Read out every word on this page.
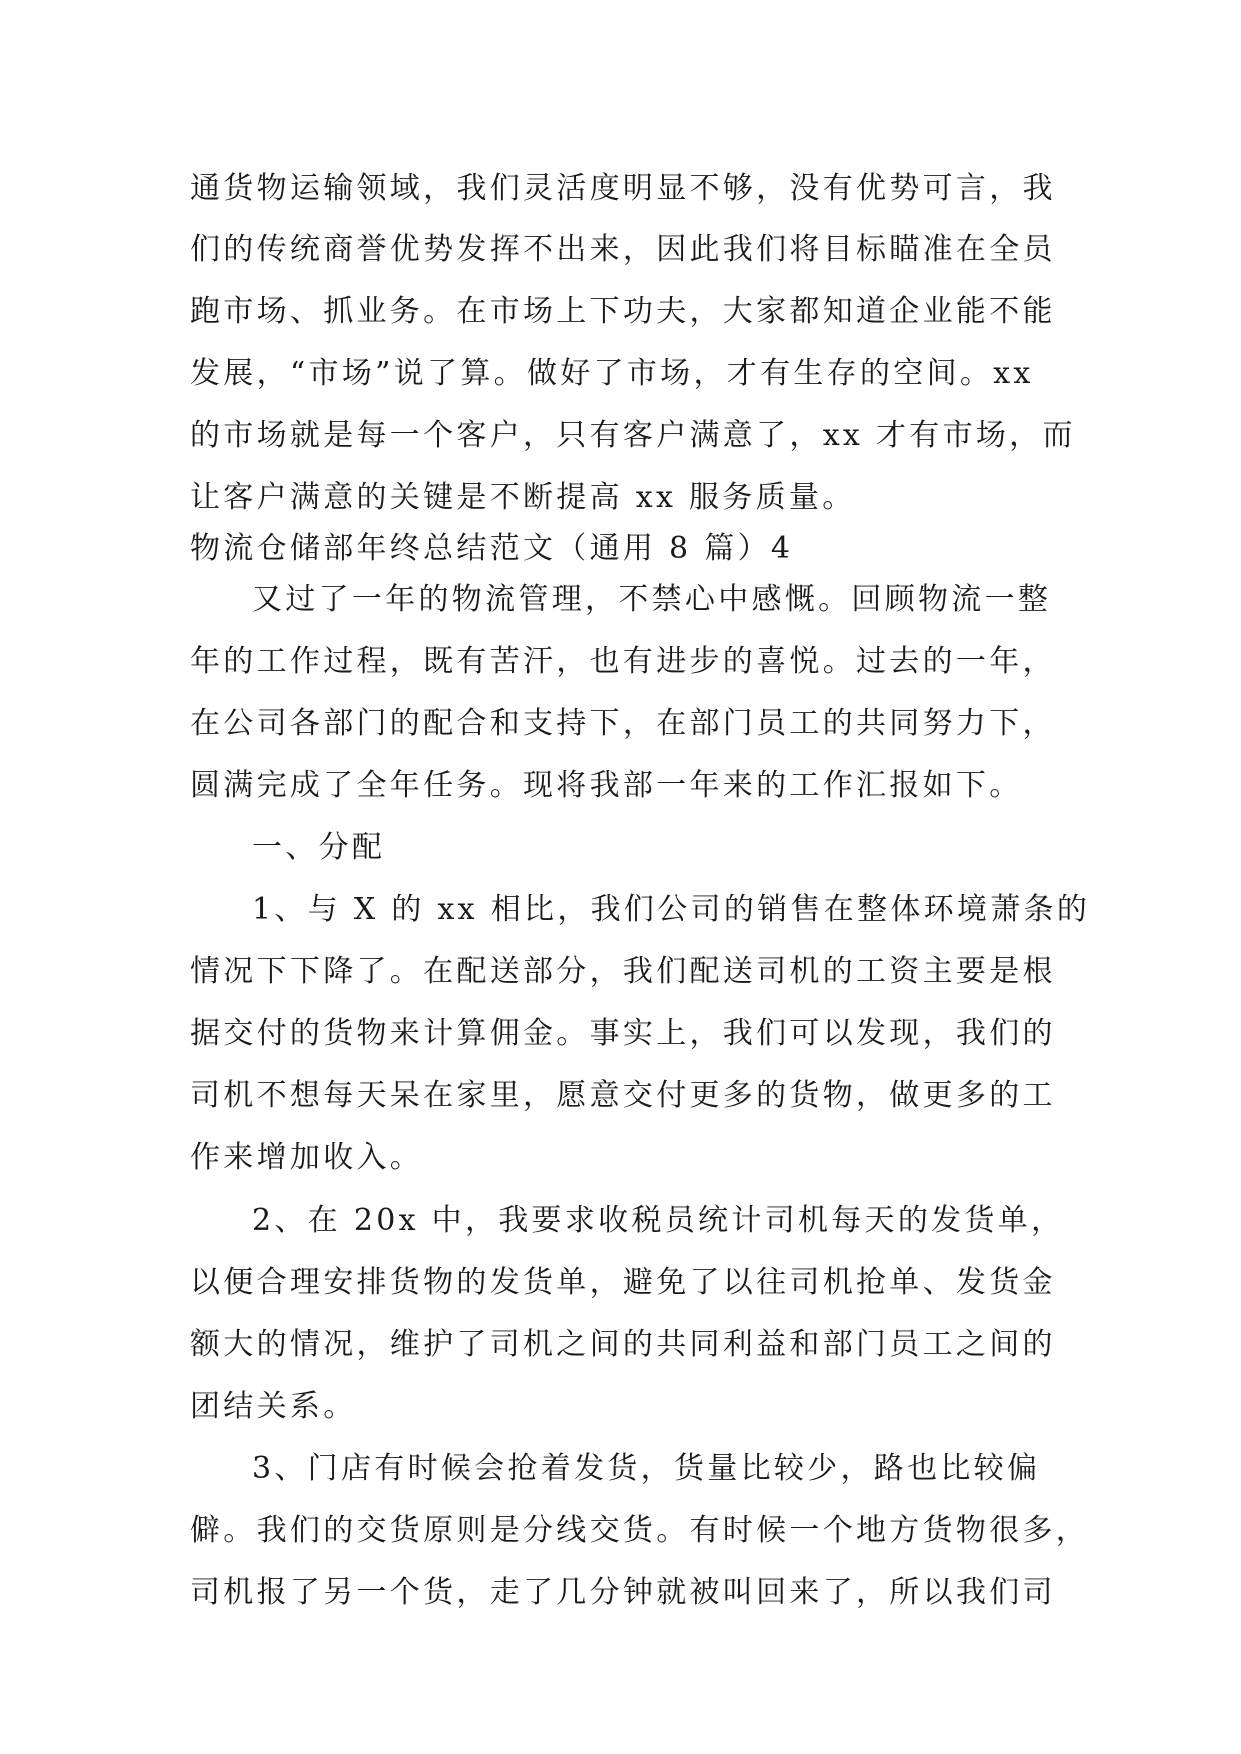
通货物运输领域，我们灵活度明显不够，没有优势可言，我
们的传统商誉优势发挥不出来，因此我们将目标瞄准在全员
跑市场、抓业务。在市场上下功夫，大家都知道企业能不能
发展，“市场”说了算。做好了市场，才有生存的空间。xx
的市场就是每一个客户，只有客户满意了，xx 才有市场，而
让客户满意的关键是不断提高 xx 服务质量。
物流仓储部年终总结范文（通用 8 篇）4
又过了一年的物流管理，不禁心中感慨。回顾物流一整
年的工作过程，既有苦汗，也有进步的喜悦。过去的一年，
在公司各部门的配合和支持下，在部门员工的共同努力下，
圆满完成了全年任务。现将我部一年来的工作汇报如下。
一、分配
1、与 X 的 xx 相比，我们公司的销售在整体环境萧条的
情况下下降了。在配送部分，我们配送司机的工资主要是根
据交付的货物来计算佣金。事实上，我们可以发现，我们的
司机不想每天呆在家里，愿意交付更多的货物，做更多的工
作来增加收入。
2、在 20x 中，我要求收税员统计司机每天的发货单，
以便合理安排货物的发货单，避免了以往司机抢单、发货金
额大的情况，维护了司机之间的共同利益和部门员工之间的
团结关系。
3、门店有时候会抢着发货，货量比较少，路也比较偏
僻。我们的交货原则是分线交货。有时候一个地方货物很多，
司机报了另一个货，走了几分钟就被叫回来了，所以我们司
